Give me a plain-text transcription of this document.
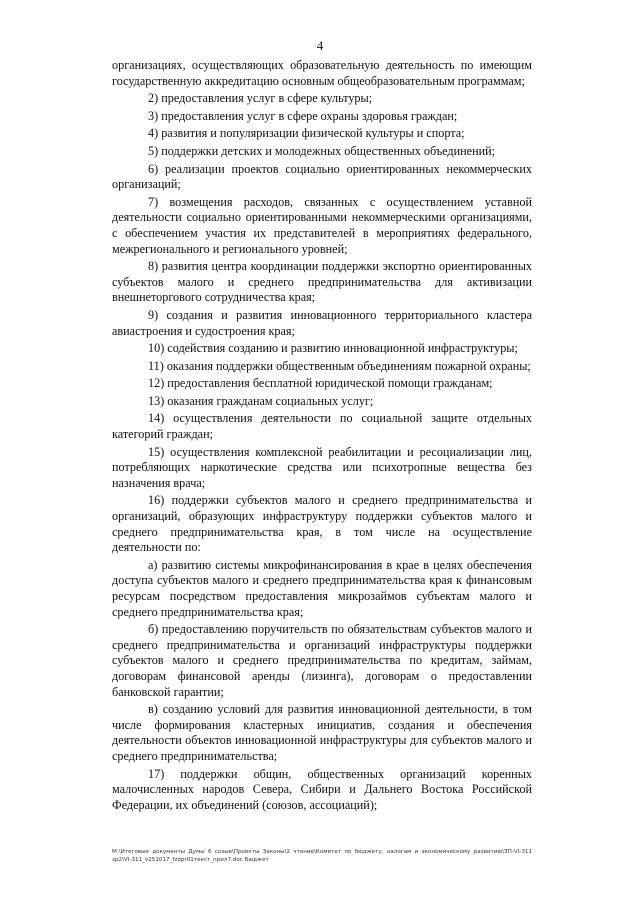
4

организациях, осуществляющих образовательную деятельность по имеющим государственную аккредитацию основным общеобразовательным программам;

2) предоставления услуг в сфере культуры;

3) предоставления услуг в сфере охраны здоровья граждан;

4) развития и популяризации физической культуры и спорта;

5) поддержки детских и молодежных общественных объединений;

6) реализации проектов социально ориентированных некоммерческих организаций;

7) возмещения расходов, связанных с осуществлением уставной деятельности социально ориентированными некоммерческими организациями, с обеспечением участия их представителей в мероприятиях федерального, межрегионального и регионального уровней;

8) развития центра координации поддержки экспортно ориентированных субъектов малого и среднего предпринимательства для активизации внешнеторгового сотрудничества края;

9) создания и развития инновационного территориального кластера авиастроения и судостроения края;

10) содействия созданию и развитию инновационной инфраструктуры;

11) оказания поддержки общественным объединениям пожарной охраны;

12) предоставления бесплатной юридической помощи гражданам;

13) оказания гражданам социальных услуг;

14) осуществления деятельности по социальной защите отдельных категорий граждан;

15) осуществления комплексной реабилитации и ресоциализации лиц, потребляющих наркотические средства или психотропные вещества без назначения врача;

16) поддержки субъектов малого и среднего предпринимательства и организаций, образующих инфраструктуру поддержки субъектов малого и среднего предпринимательства края, в том числе на осуществление деятельности по:

а) развитию системы микрофинансирования в крае в целях обеспечения доступа субъектов малого и среднего предпринимательства края к финансовым ресурсам посредством предоставления микрозаймов субъектам малого и среднего предпринимательства края;

б) предоставлению поручительств по обязательствам субъектов малого и среднего предпринимательства и организаций инфраструктуры поддержки субъектов малого и среднего предпринимательства по кредитам, займам, договорам финансовой аренды (лизинга), договорам о предоставлении банковской гарантии;

в) созданию условий для развития инновационной деятельности, в том числе формирования кластерных инициатив, создания и обеспечения деятельности объектов инновационной инфраструктуры для субъектов малого и среднего предпринимательства;

17) поддержки общин, общественных организаций коренных малочисленных народов Севера, Сибири и Дальнего Востока Российской Федерации, их объединений (союзов, ассоциаций);

M:\Итоговые документы Думы 6 созыв\Проекты Законы\2 чтение\Комитет по бюджету, налогам и экономическому развитию\ЗП-VI-311 зр2\VI-311_v251017_fzdpr01текст_прил7.doc Бюджет
